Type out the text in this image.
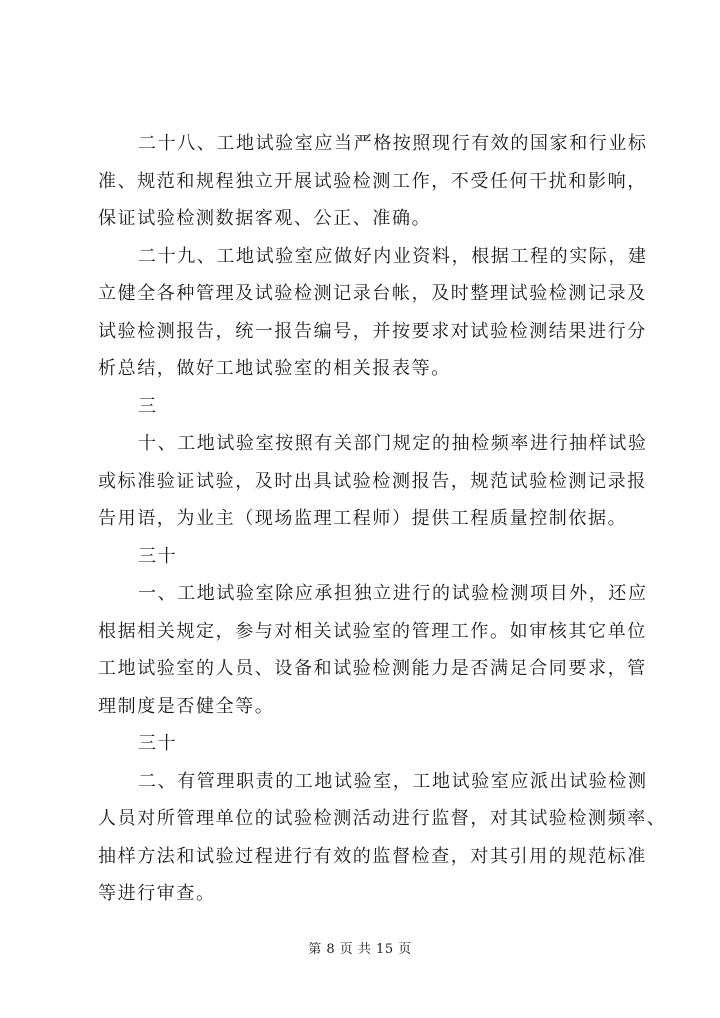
二十八、工地试验室应当严格按照现行有效的国家和行业标
准、规范和规程独立开展试验检测工作，不受任何干扰和影响，
保证试验检测数据客观、公正、准确。
二十九、工地试验室应做好内业资料，根据工程的实际，建
立健全各种管理及试验检测记录台帐，及时整理试验检测记录及
试验检测报告，统一报告编号，并按要求对试验检测结果进行分
析总结，做好工地试验室的相关报表等。
三
十、工地试验室按照有关部门规定的抽检频率进行抽样试验
或标准验证试验，及时出具试验检测报告，规范试验检测记录报
告用语，为业主（现场监理工程师）提供工程质量控制依据。
三十
一、工地试验室除应承担独立进行的试验检测项目外，还应
根据相关规定，参与对相关试验室的管理工作。如审核其它单位
工地试验室的人员、设备和试验检测能力是否满足合同要求，管
理制度是否健全等。
三十
二、有管理职责的工地试验室，工地试验室应派出试验检测
人员对所管理单位的试验检测活动进行监督，对其试验检测频率、
抽样方法和试验过程进行有效的监督检查，对其引用的规范标准
等进行审查。
第 8 页 共 15 页
